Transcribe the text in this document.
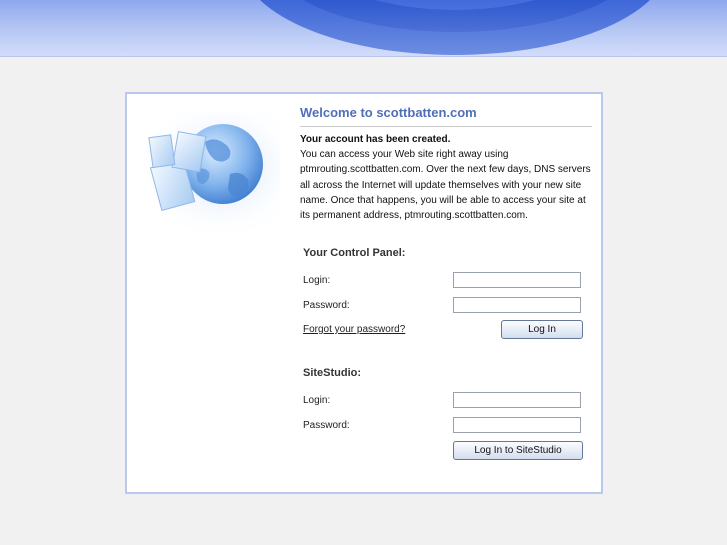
Welcome to scottbatten.com
Your account has been created.
You can access your Web site right away using ptmrouting.scottbatten.com. Over the next few days, DNS servers all across the Internet will update themselves with your new site name. Once that happens, you will be able to access your site at its permanent address, ptmrouting.scottbatten.com.
Your Control Panel:
Login:
Password:
Forgot your password?	Log In
SiteStudio:
Login:
Password:
Log In to SiteStudio
